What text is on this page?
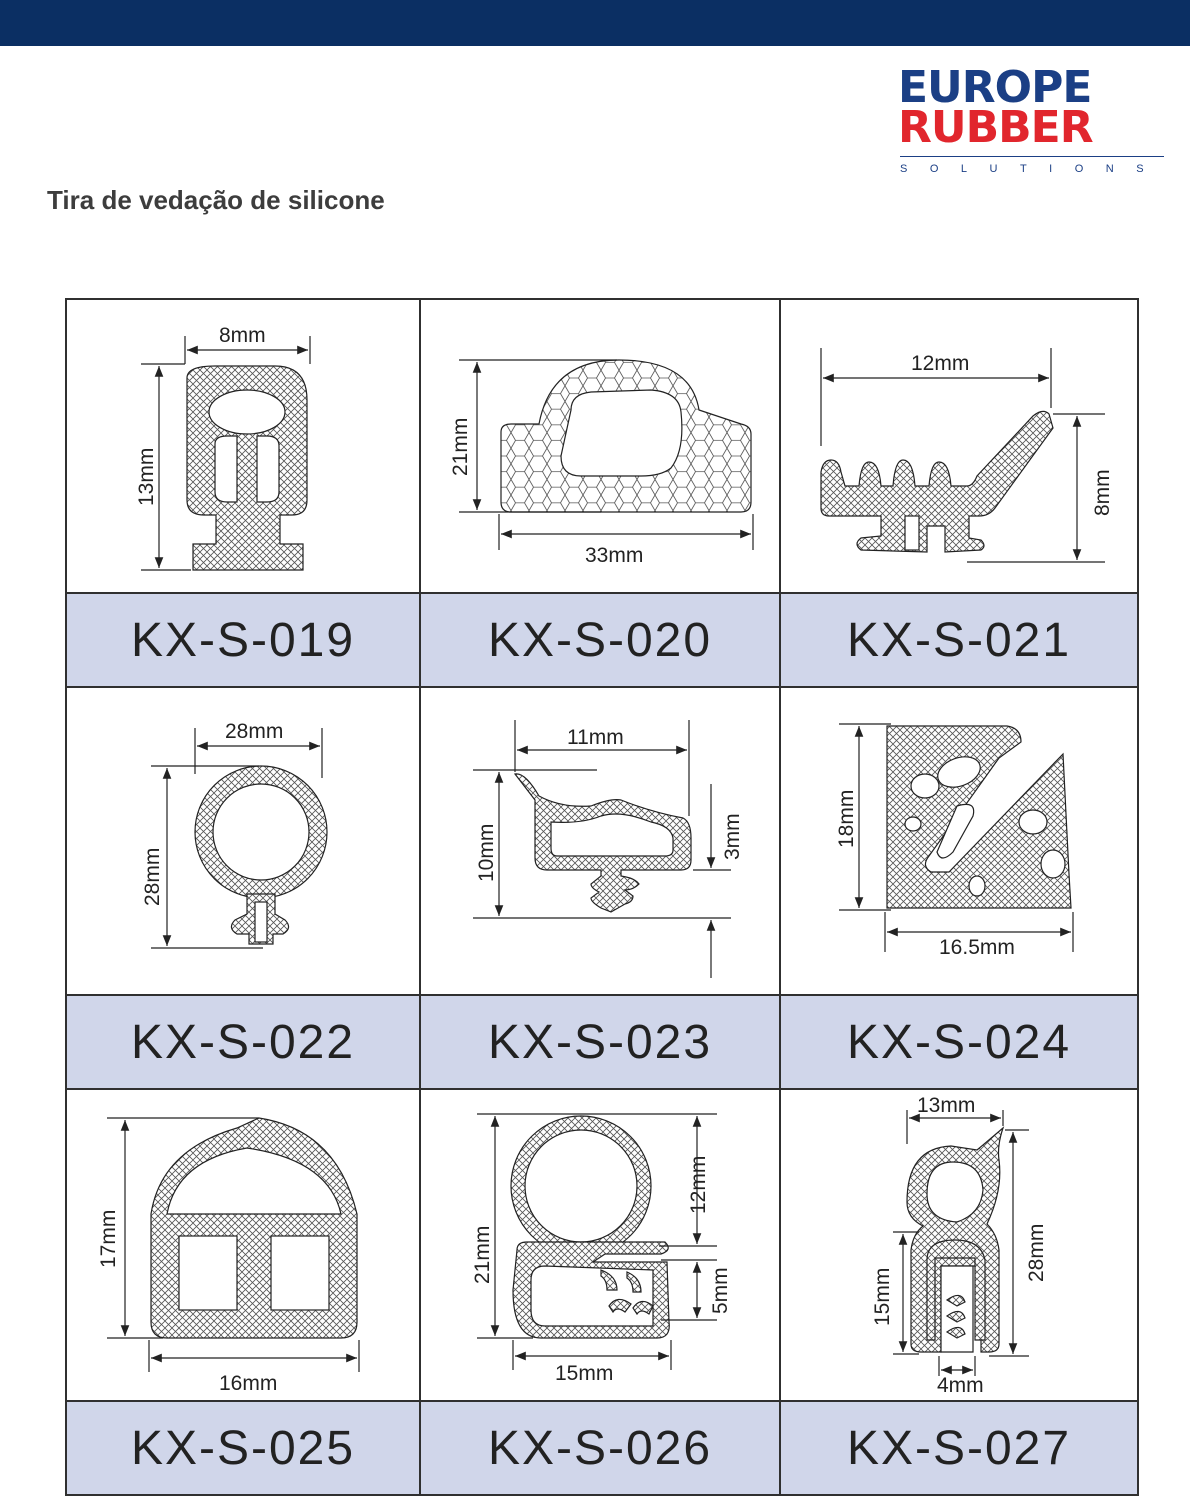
EUROPE
RUBBER
SOLUTIONS
Tira de vedação de silicone
8mm
13mm
21mm
33mm
12mm
8mm
KX-S-019	KX-S-020	KX-S-021
28mm
28mm
11mm
10mm	3mm	18mm
16.5mm
KX-S-022	KX-S-023	KX-S-024
17mm
16mm
12mm
21mm
5mm
15mm
13mm
28mm
15mm
4mm
KX-S-025	KX-S-026	KX-S-027
